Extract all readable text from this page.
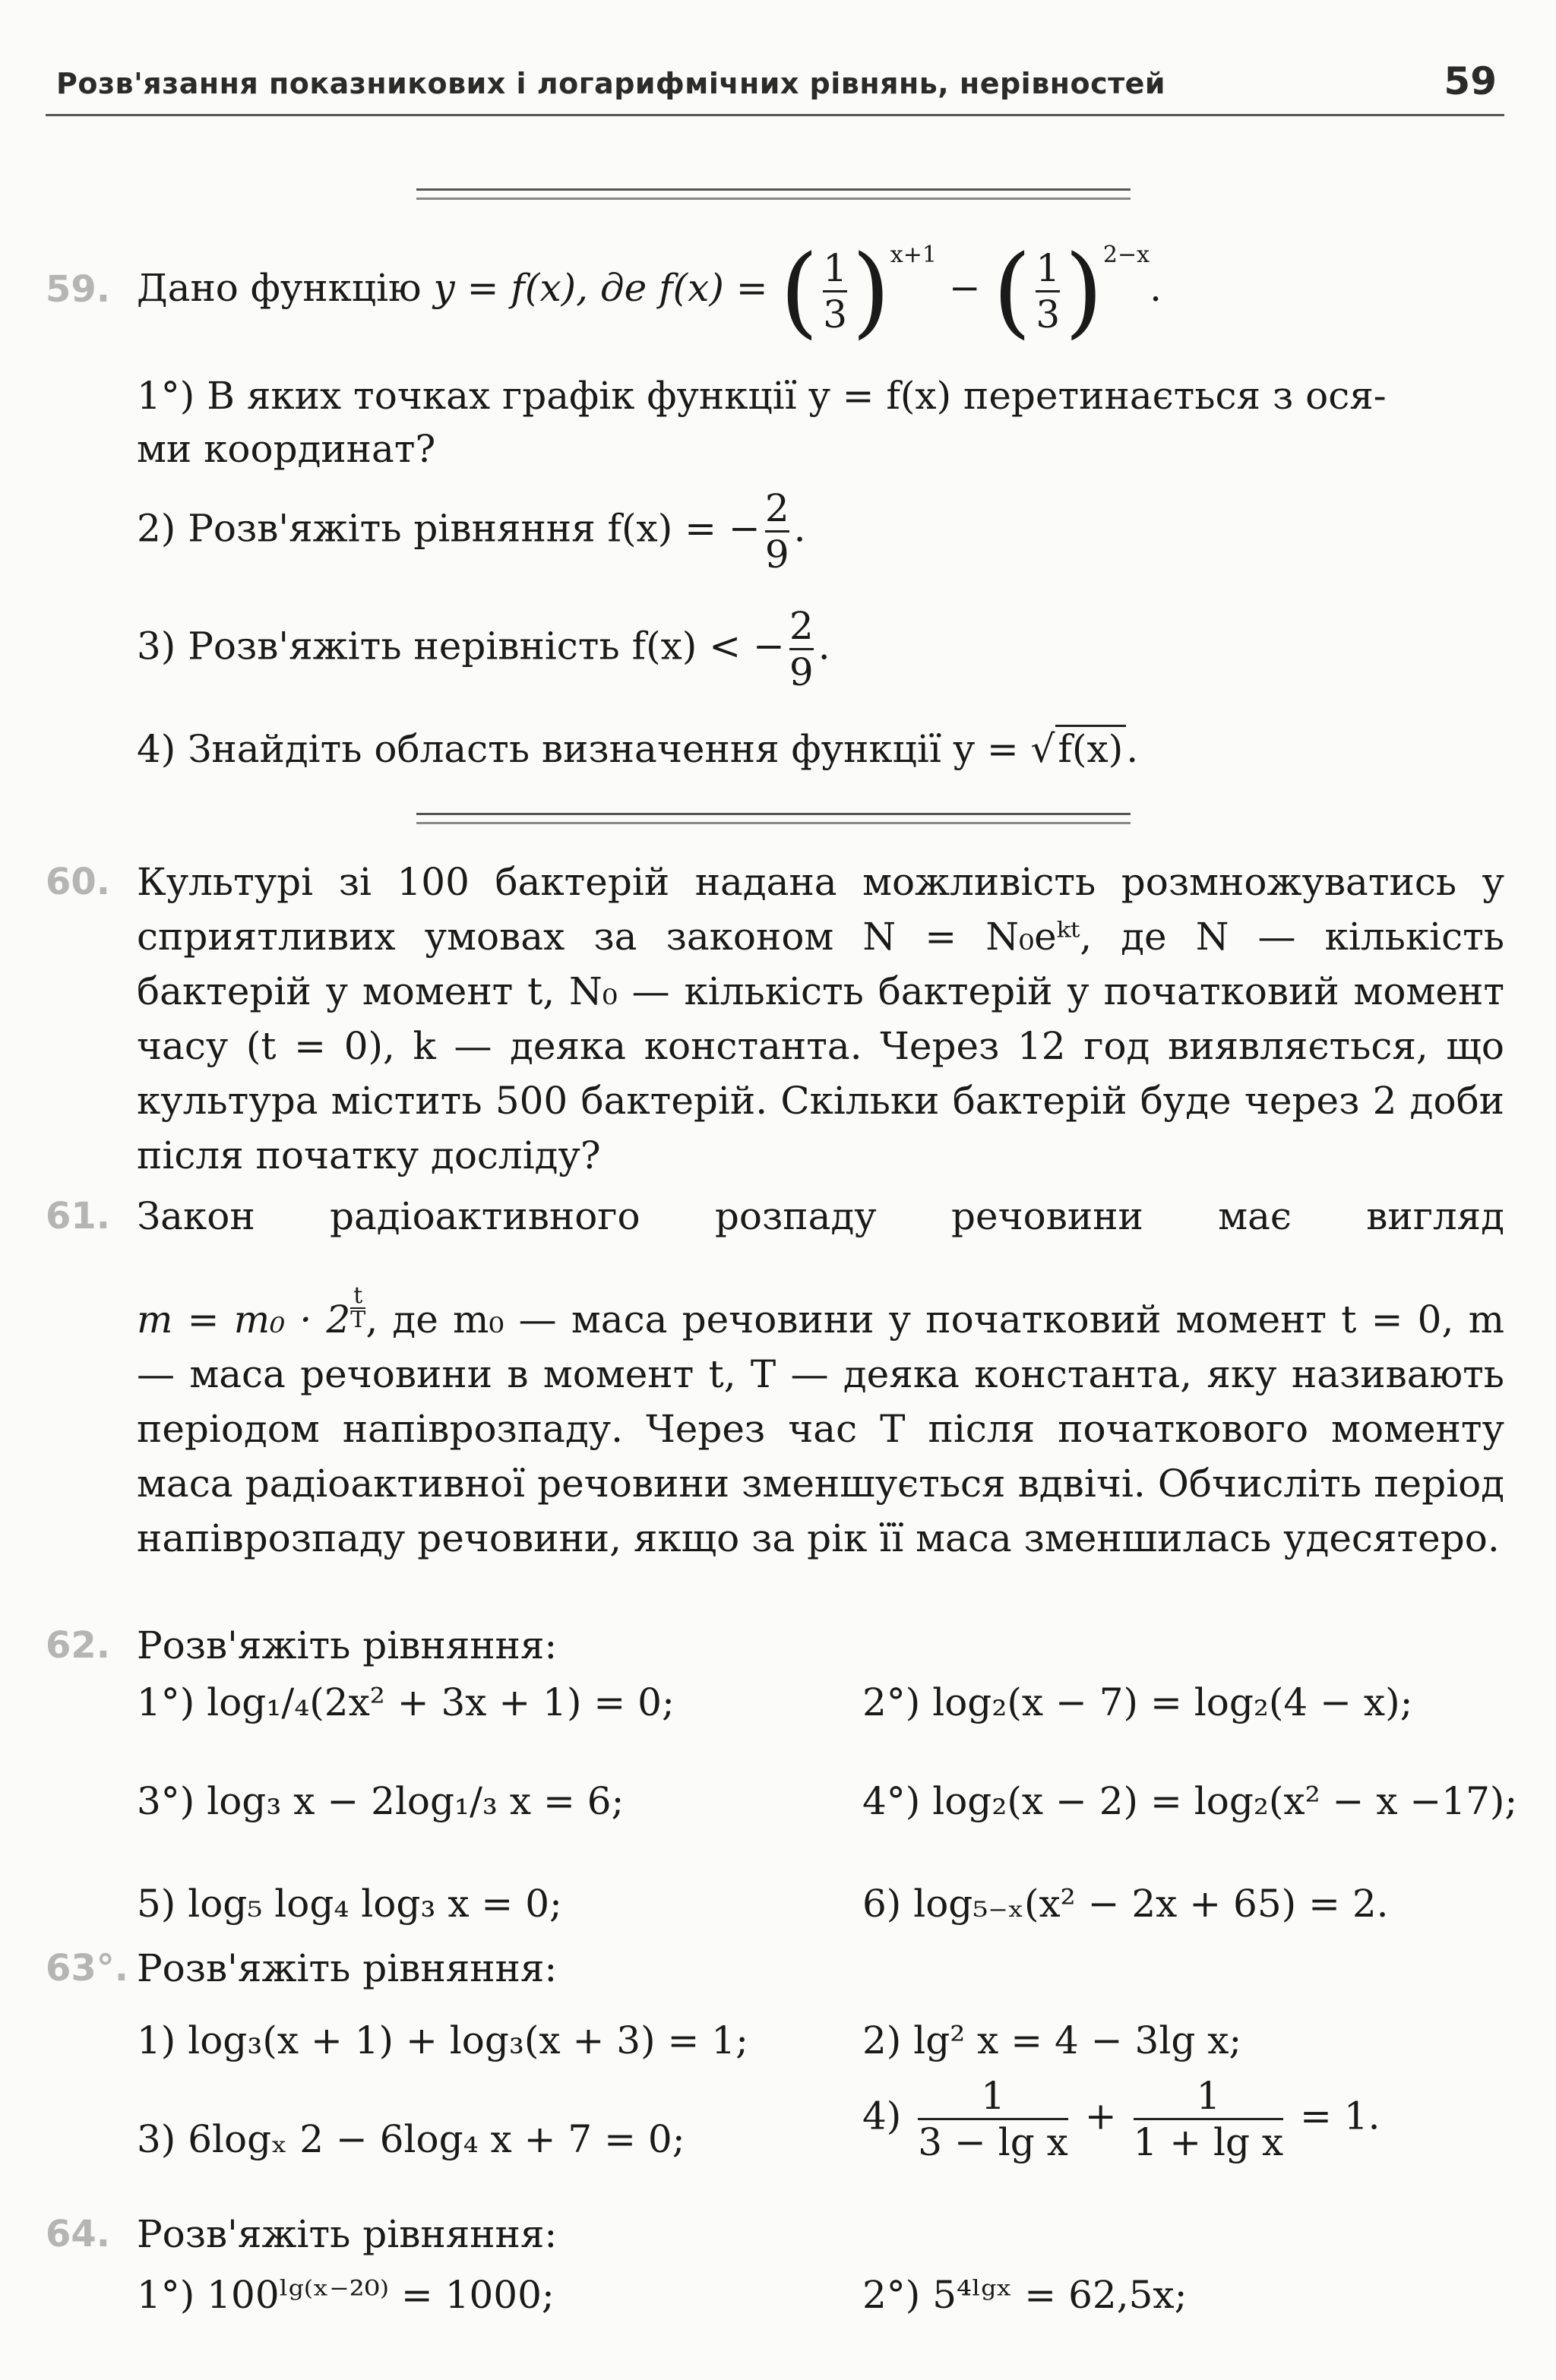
Розв'язання показникових і логарифмічних рівнянь, нерівностей	59
59. Дано функцію y = f(x), де f(x) = ( $\frac{1}{3} )^{x+1}$ − ( $\frac{1}{3} )^{2-x}$.
1°) В яких точках графік функції y = f(x) перетинається з ося-
ми координат?
2) Розв'яжіть рівняння f(x) = − $\frac{2}{9}$ .
3) Розв'яжіть нерівність f(x) < − $\frac{2}{9}$ .
4) Знайдіть область визначення функції y = √f(x).
60. Культурі зі 100 бактерій надана можливість розмножуватись у сприятливих умовах за законом N = N₀eᵏᵗ, де N — кількість бактерій у момент t, N₀ — кількість бактерій у початковий момент часу (t = 0), k — деяка константа. Через 12 год виявляється, що культура містить 500 бактерій. Скільки бактерій буде через 2 доби після початку досліду?
61. Закон радіоактивного розпаду речовини має вигляд
m = m₀ · 2 $^{\frac{t}{T}}$ , де m₀ — маса речовини у початковий момент t = 0, m — маса речовини в момент t, T — деяка константа, яку називають періодом напіврозпаду. Через час T після початкового моменту маса радіоактивної речовини зменшується вдвічі. Обчисліть період напіврозпаду речовини, якщо за рік її маса зменшилась удесятеро.
62. Розв'яжіть рівняння:
1°) log₁/₄(2x² + 3x + 1) = 0;	2°) log₂(x − 7) = log₂(4 − x);
3°) log₃ x − 2log₁/₃ x = 6;	4°) log₂(x − 2) = log₂(x² − x −17);
5) log₅ log₄ log₃ x = 0;	6) log₅₋ₓ(x² − 2x + 65) = 2.
63°. Розв'яжіть рівняння:
1) log₃(x + 1) + log₃(x + 3) = 1;	2) lg² x = 4 − 3lg x;
3) 6logₓ 2 − 6log₄ x + 7 = 0;
$4) \frac{1}{\text{3 − lg x}} + \frac{1}{\text{1 + lg x}} = 1$.
64. Розв'яжіть рівняння:
1°) 100ˡᵍ⁽ˣ⁻²⁰⁾ = 1000;	2°) 5⁴ˡᵍˣ = 62,5x;
